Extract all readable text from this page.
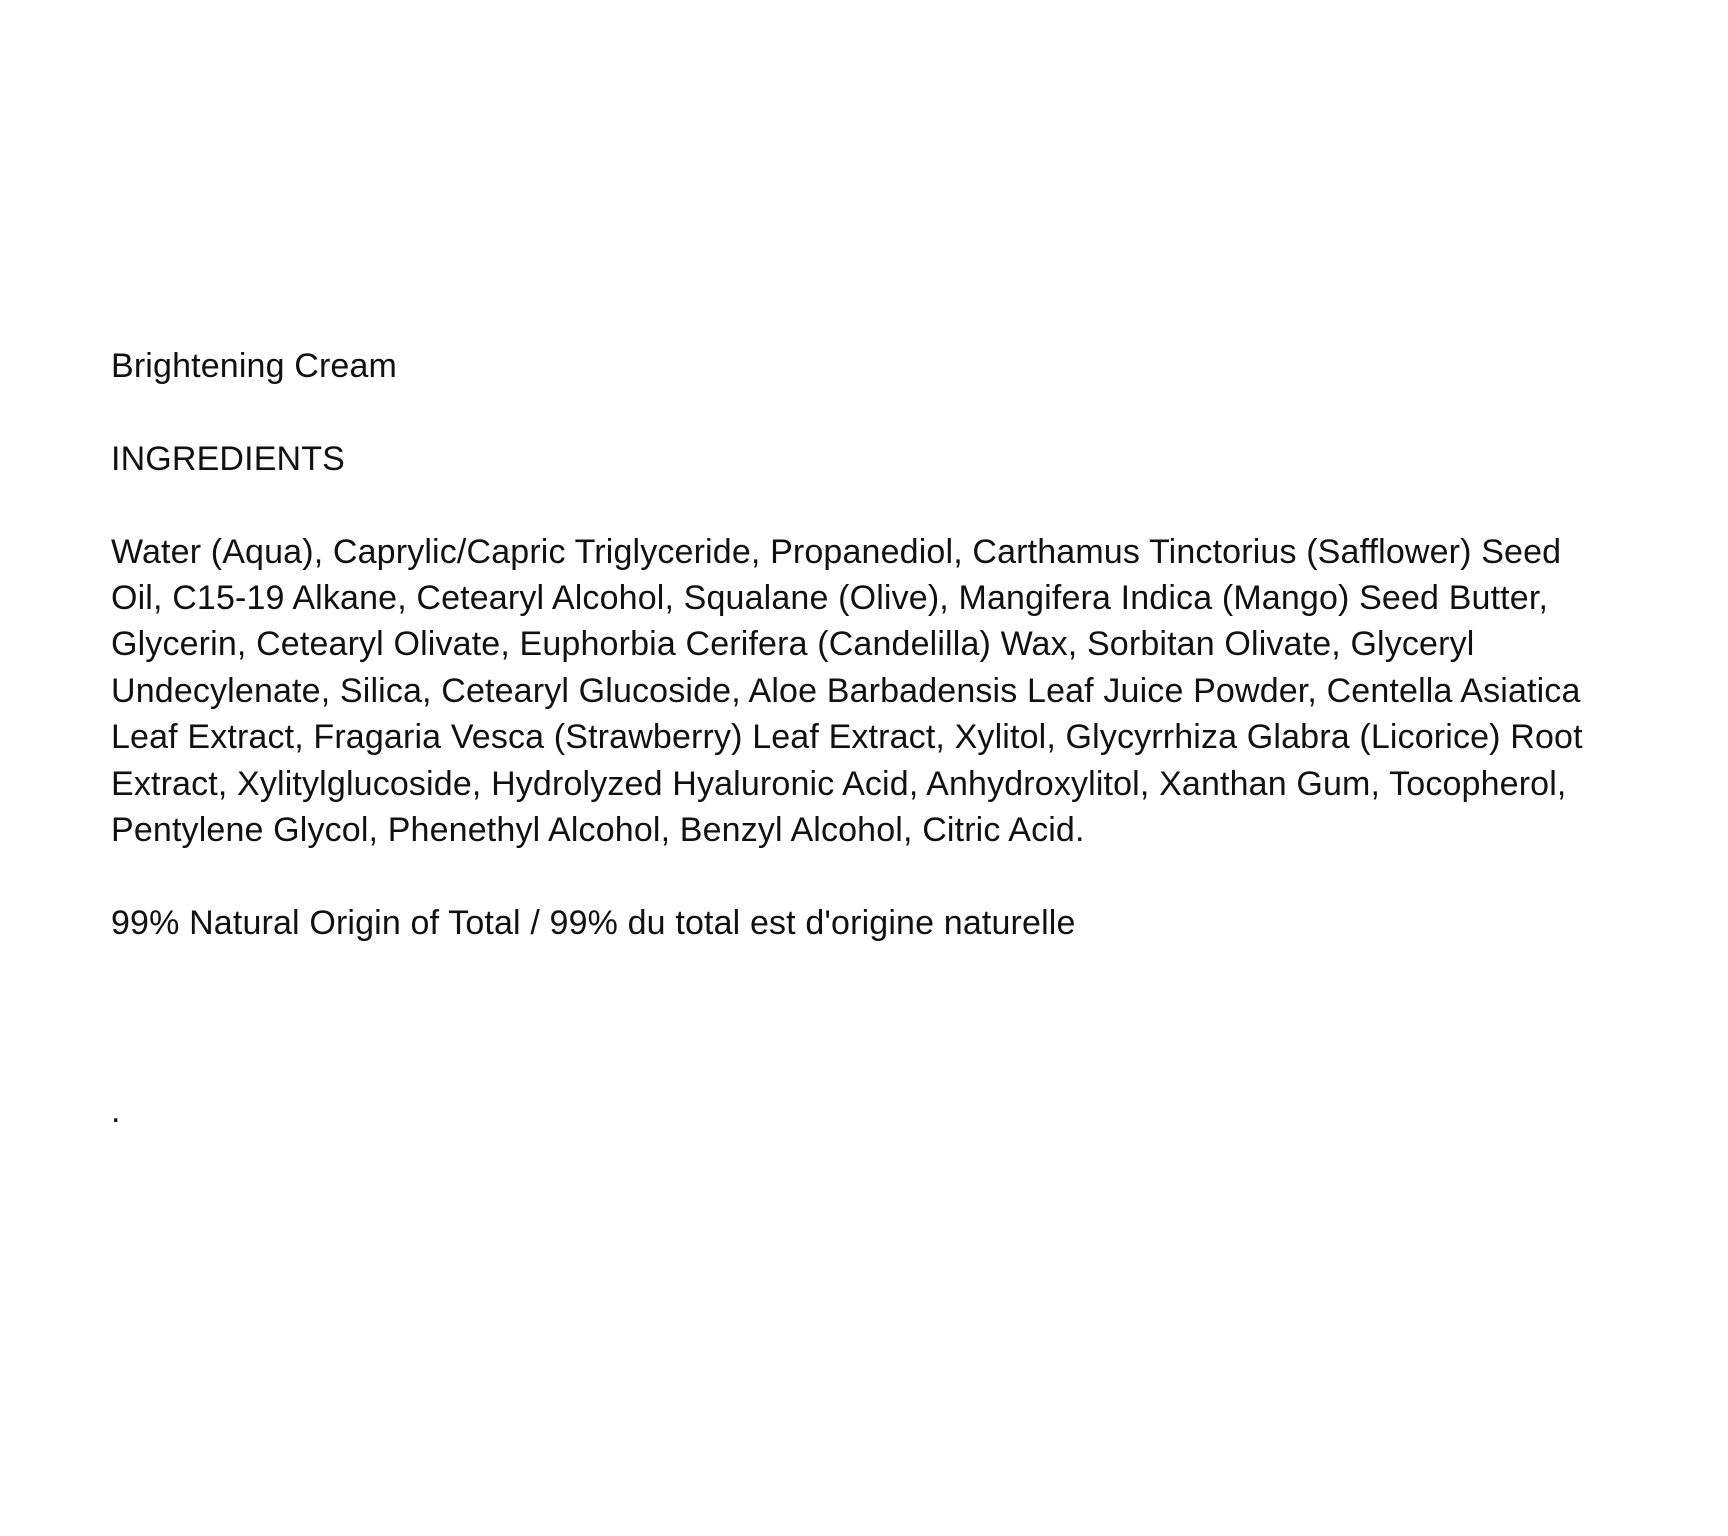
Brightening Cream

INGREDIENTS

Water (Aqua), Caprylic/Capric Triglyceride, Propanediol, Carthamus Tinctorius (Safflower) Seed
Oil, C15-19 Alkane, Cetearyl Alcohol, Squalane (Olive), Mangifera Indica (Mango) Seed Butter,
Glycerin, Cetearyl Olivate, Euphorbia Cerifera (Candelilla) Wax, Sorbitan Olivate, Glyceryl
Undecylenate, Silica, Cetearyl Glucoside, Aloe Barbadensis Leaf Juice Powder, Centella Asiatica
Leaf Extract, Fragaria Vesca (Strawberry) Leaf Extract, Xylitol, Glycyrrhiza Glabra (Licorice) Root
Extract, Xylitylglucoside, Hydrolyzed Hyaluronic Acid, Anhydroxylitol, Xanthan Gum, Tocopherol,
Pentylene Glycol, Phenethyl Alcohol, Benzyl Alcohol, Citric Acid.

99% Natural Origin of Total / 99% du total est d'origine naturelle

.
